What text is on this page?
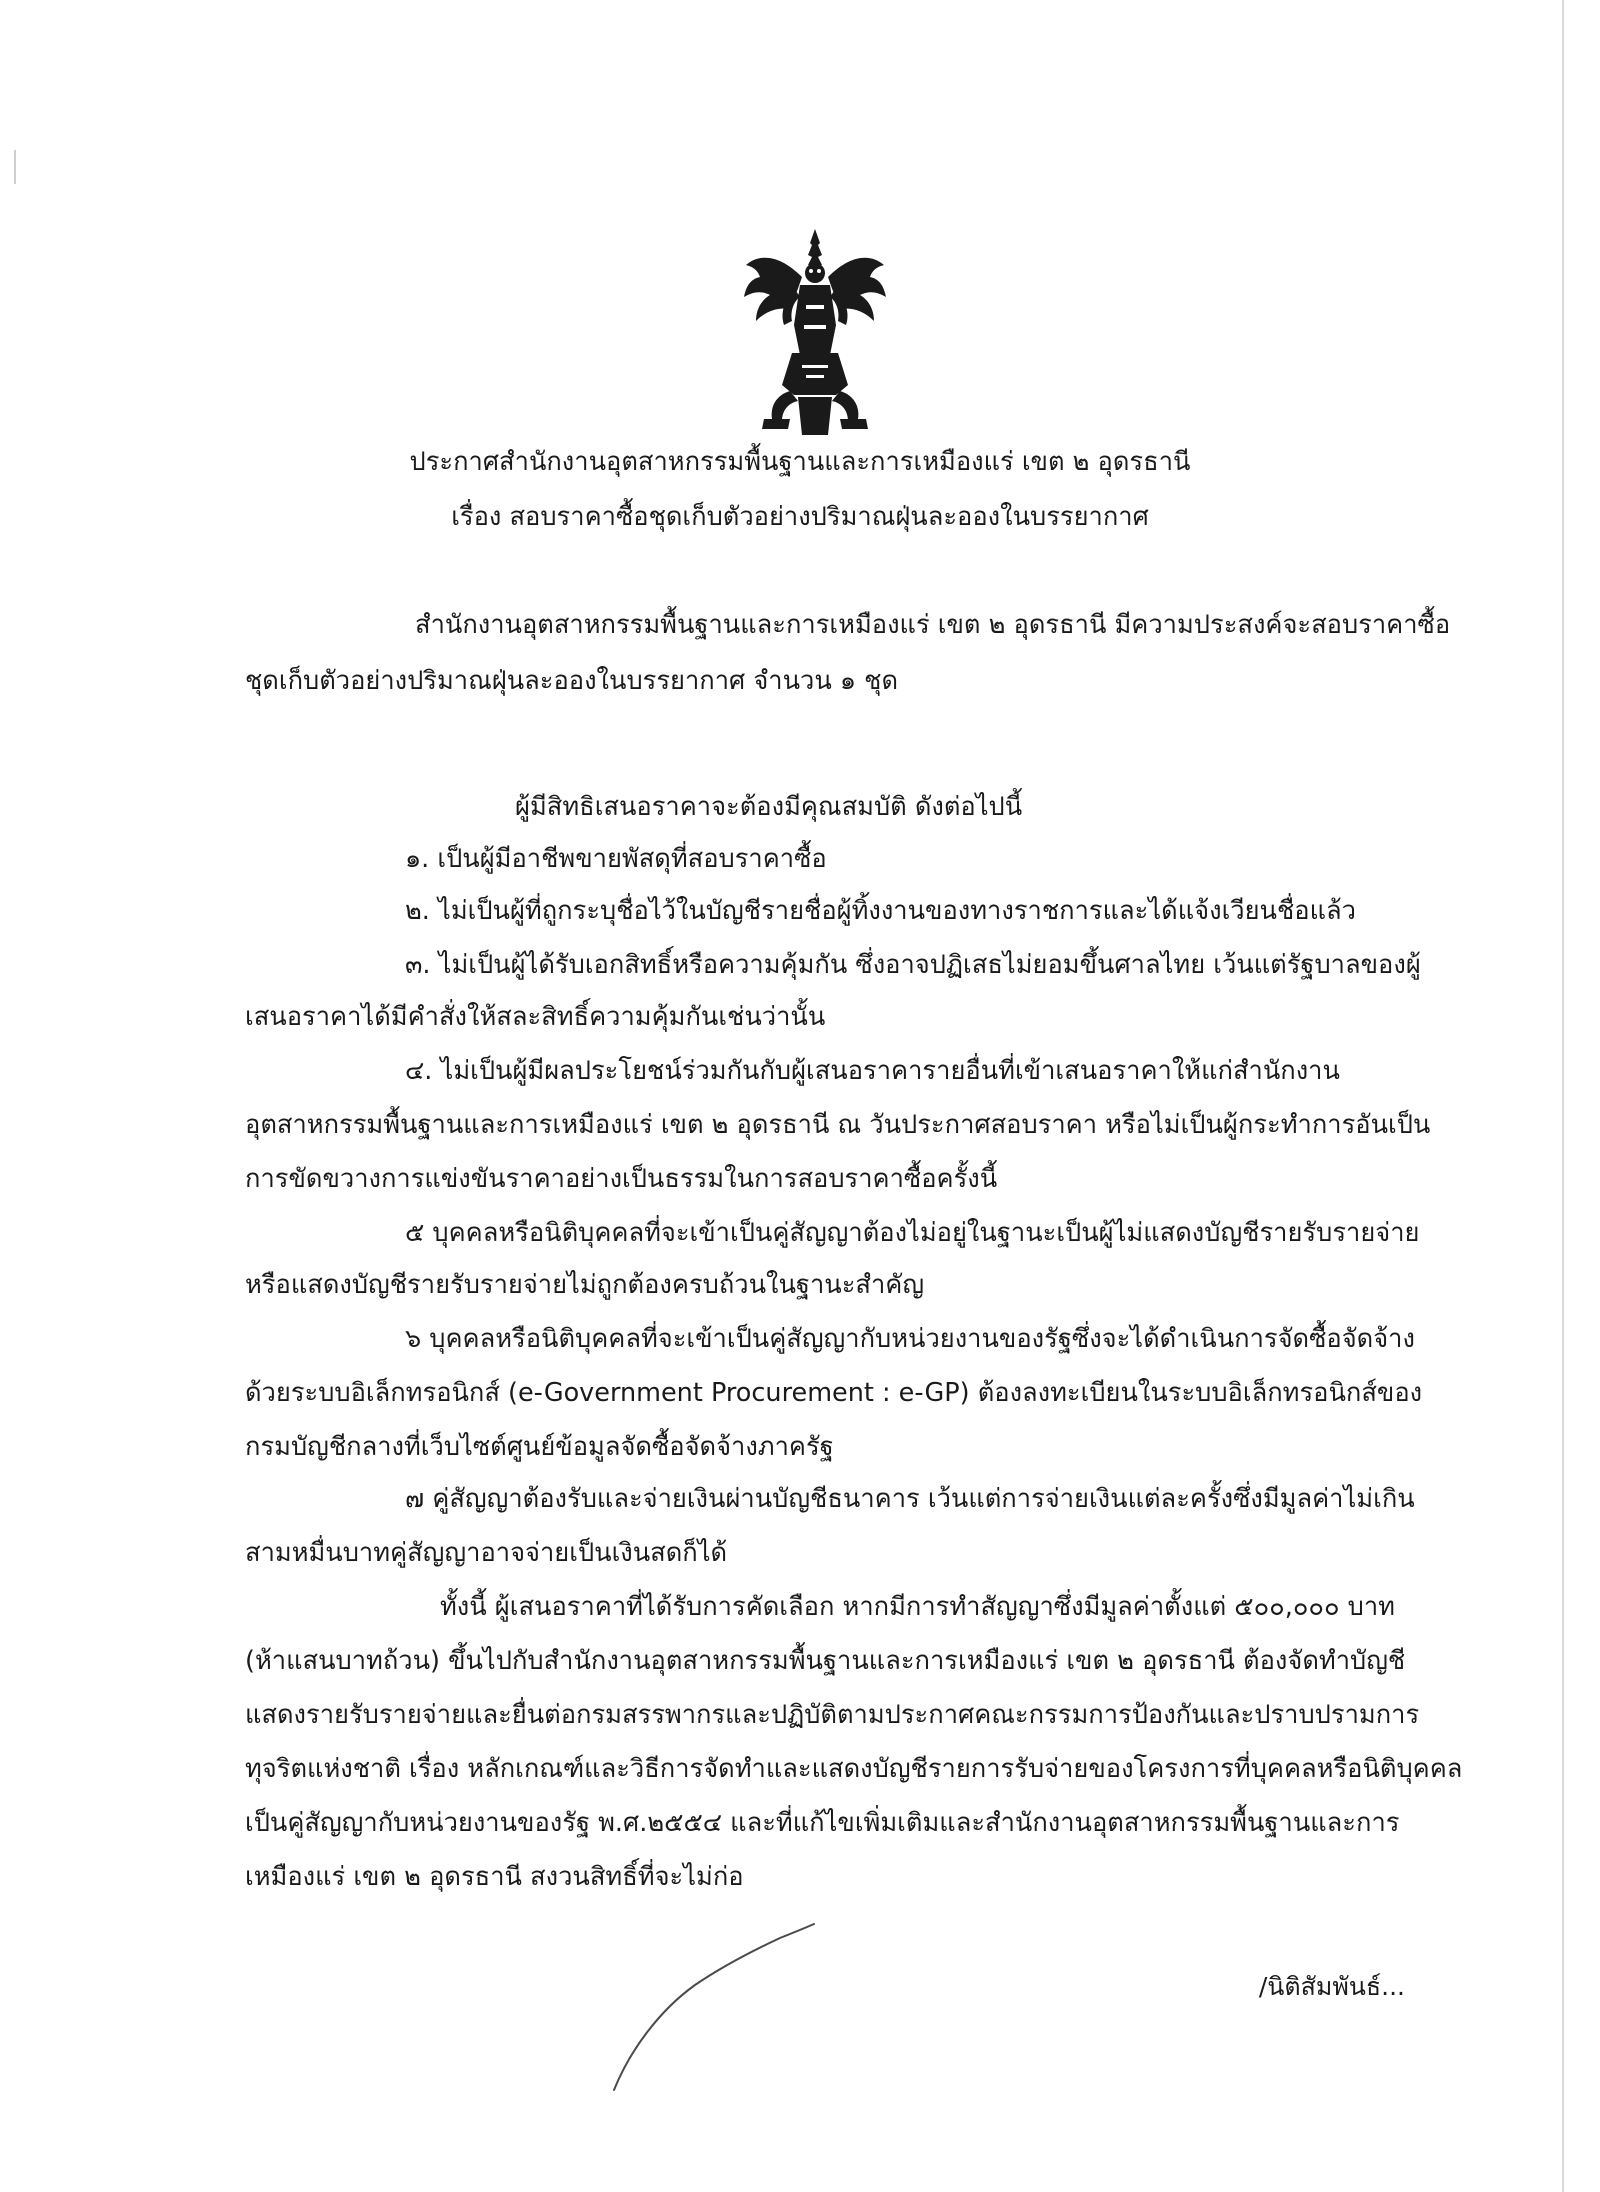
ประกาศสำนักงานอุตสาหกรรมพื้นฐานและการเหมืองแร่ เขต ๒ อุดรธานี
เรื่อง สอบราคาซื้อชุดเก็บตัวอย่างปริมาณฝุ่นละอองในบรรยากาศ
สำนักงานอุตสาหกรรมพื้นฐานและการเหมืองแร่ เขต ๒ อุดรธานี มีความประสงค์จะสอบราคาซื้อ
ชุดเก็บตัวอย่างปริมาณฝุ่นละอองในบรรยากาศ จำนวน ๑ ชุด
ผู้มีสิทธิเสนอราคาจะต้องมีคุณสมบัติ ดังต่อไปนี้
๑. เป็นผู้มีอาชีพขายพัสดุที่สอบราคาซื้อ
๒. ไม่เป็นผู้ที่ถูกระบุชื่อไว้ในบัญชีรายชื่อผู้ทิ้งงานของทางราชการและได้แจ้งเวียนชื่อแล้ว
๓. ไม่เป็นผู้ได้รับเอกสิทธิ์หรือความคุ้มกัน ซึ่งอาจปฏิเสธไม่ยอมขึ้นศาลไทย เว้นแต่รัฐบาลของผู้
เสนอราคาได้มีคำสั่งให้สละสิทธิ์ความคุ้มกันเช่นว่านั้น
๔. ไม่เป็นผู้มีผลประโยชน์ร่วมกันกับผู้เสนอราคารายอื่นที่เข้าเสนอราคาให้แก่สำนักงาน
อุตสาหกรรมพื้นฐานและการเหมืองแร่ เขต ๒ อุดรธานี ณ วันประกาศสอบราคา หรือไม่เป็นผู้กระทำการอันเป็น
การขัดขวางการแข่งขันราคาอย่างเป็นธรรมในการสอบราคาซื้อครั้งนี้
๕ บุคคลหรือนิติบุคคลที่จะเข้าเป็นคู่สัญญาต้องไม่อยู่ในฐานะเป็นผู้ไม่แสดงบัญชีรายรับรายจ่าย
หรือแสดงบัญชีรายรับรายจ่ายไม่ถูกต้องครบถ้วนในฐานะสำคัญ
๖ บุคคลหรือนิติบุคคลที่จะเข้าเป็นคู่สัญญากับหน่วยงานของรัฐซึ่งจะได้ดำเนินการจัดซื้อจัดจ้าง
ด้วยระบบอิเล็กทรอนิกส์ (e-Government Procurement : e-GP) ต้องลงทะเบียนในระบบอิเล็กทรอนิกส์ของ
กรมบัญชีกลางที่เว็บไซต์ศูนย์ข้อมูลจัดซื้อจัดจ้างภาครัฐ
๗ คู่สัญญาต้องรับและจ่ายเงินผ่านบัญชีธนาคาร เว้นแต่การจ่ายเงินแต่ละครั้งซึ่งมีมูลค่าไม่เกิน
สามหมื่นบาทคู่สัญญาอาจจ่ายเป็นเงินสดก็ได้
ทั้งนี้ ผู้เสนอราคาที่ได้รับการคัดเลือก หากมีการทำสัญญาซึ่งมีมูลค่าตั้งแต่ ๕๐๐,๐๐๐ บาท
(ห้าแสนบาทถ้วน) ขึ้นไปกับสำนักงานอุตสาหกรรมพื้นฐานและการเหมืองแร่ เขต ๒ อุดรธานี ต้องจัดทำบัญชี
แสดงรายรับรายจ่ายและยื่นต่อกรมสรรพากรและปฏิบัติตามประกาศคณะกรรมการป้องกันและปราบปรามการ
ทุจริตแห่งชาติ เรื่อง หลักเกณฑ์และวิธีการจัดทำและแสดงบัญชีรายการรับจ่ายของโครงการที่บุคคลหรือนิติบุคคล
เป็นคู่สัญญากับหน่วยงานของรัฐ พ.ศ.๒๕๕๔ และที่แก้ไขเพิ่มเติมและสำนักงานอุตสาหกรรมพื้นฐานและการ
เหมืองแร่ เขต ๒ อุดรธานี สงวนสิทธิ์ที่จะไม่ก่อ
/นิติสัมพันธ์...
